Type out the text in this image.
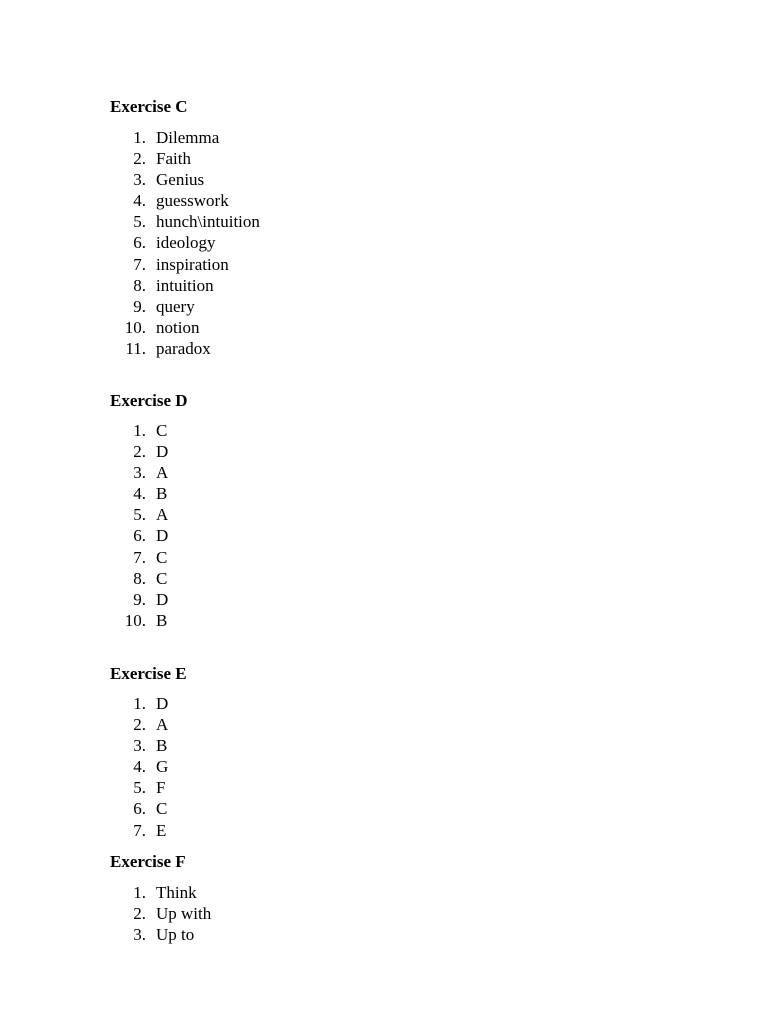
Exercise C
1. Dilemma
2. Faith
3. Genius
4. guesswork
5. hunch\intuition
6. ideology
7. inspiration
8. intuition
9. query
10. notion
11. paradox
Exercise D
1. C
2. D
3. A
4. B
5. A
6. D
7. C
8. C
9. D
10. B
Exercise E
1. D
2. A
3. B
4. G
5. F
6. C
7. E
Exercise F
1. Think
2. Up with
3. Up to
